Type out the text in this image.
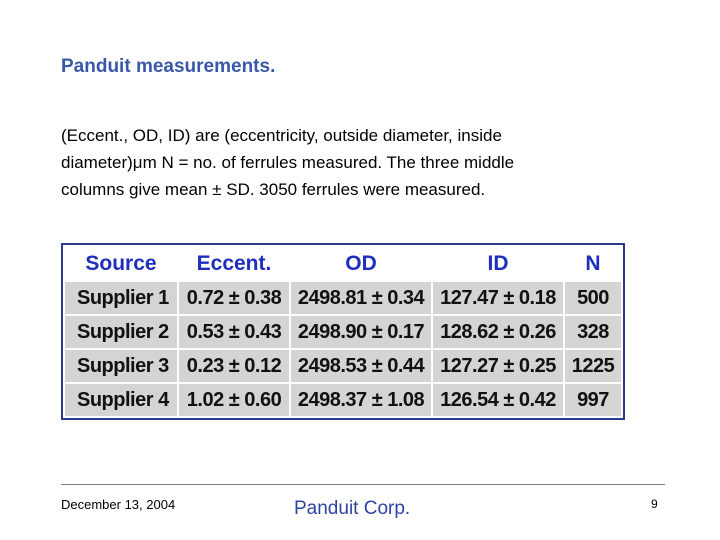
Panduit measurements.
(Eccent., OD, ID) are (eccentricity, outside diameter, inside
diameter)μm N = no. of ferrules measured. The three middle
columns give mean ± SD. 3050 ferrules were measured.
Source	Eccent.	OD	ID	N
Supplier 1	0.72 ± 0.38	2498.81 ± 0.34	127.47 ± 0.18	500
Supplier 2	0.53 ± 0.43	2498.90 ± 0.17	128.62 ± 0.26	328
Supplier 3	0.23 ± 0.12	2498.53 ± 0.44	127.27 ± 0.25	1225
Supplier 4	1.02 ± 0.60	2498.37 ± 1.08	126.54 ± 0.42	997
December 13, 2004	Panduit Corp.	9
